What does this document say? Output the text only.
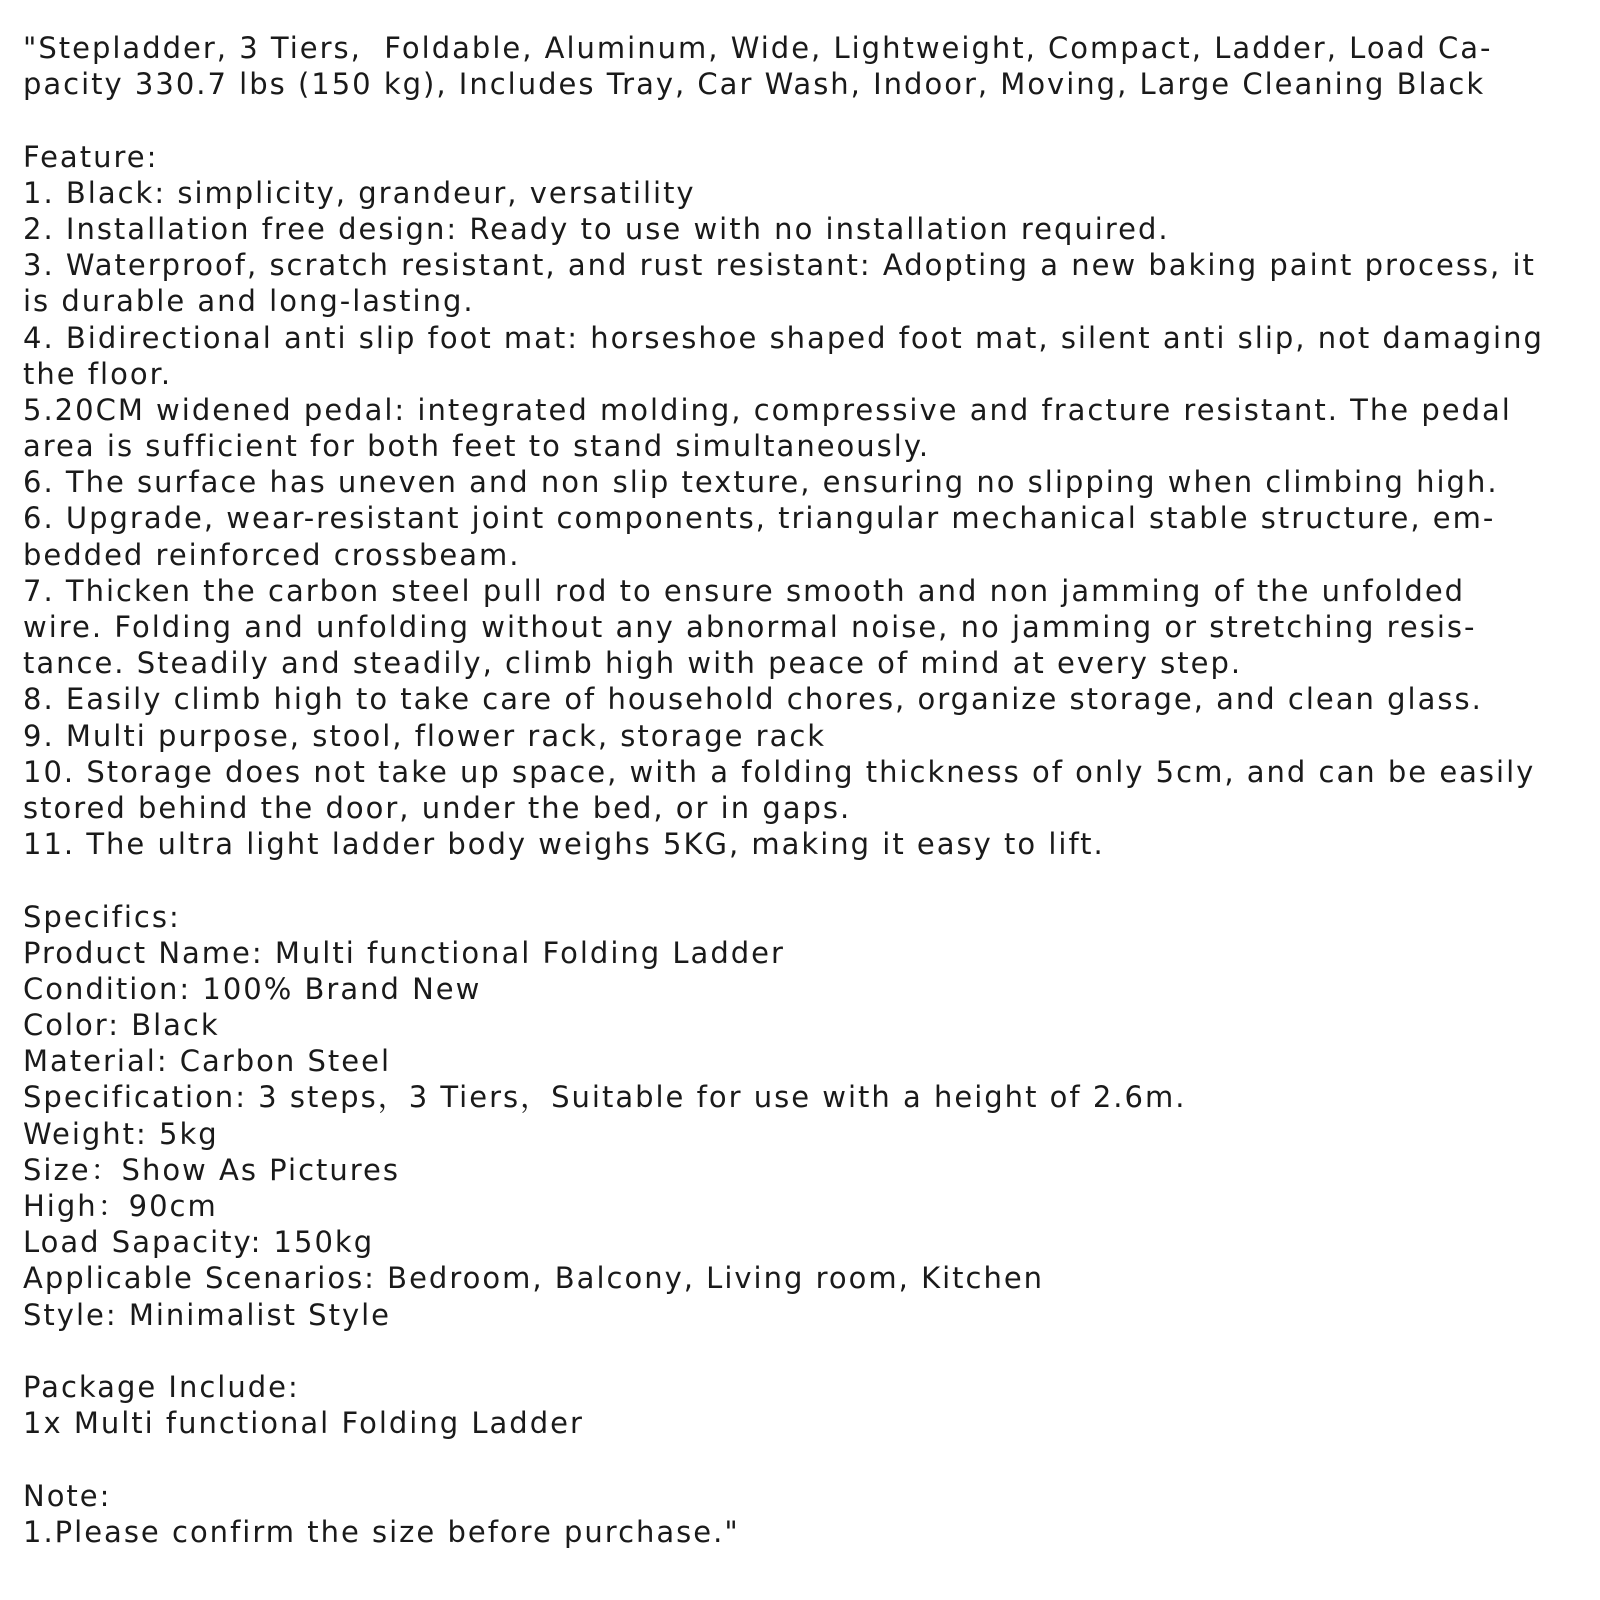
"Stepladder, 3 Tiers,  Foldable, Aluminum, Wide, Lightweight, Compact, Ladder, Load Ca-
pacity 330.7 lbs (150 kg), Includes Tray, Car Wash, Indoor, Moving, Large Cleaning Black
Feature:
1. Black: simplicity, grandeur, versatility
2. Installation free design: Ready to use with no installation required.
3. Waterproof, scratch resistant, and rust resistant: Adopting a new baking paint process, it
is durable and long-lasting.
4. Bidirectional anti slip foot mat: horseshoe shaped foot mat, silent anti slip, not damaging
the floor.
5.20CM widened pedal: integrated molding, compressive and fracture resistant. The pedal
area is sufficient for both feet to stand simultaneously.
6. The surface has uneven and non slip texture, ensuring no slipping when climbing high.
6. Upgrade, wear-resistant joint components, triangular mechanical stable structure, em-
bedded reinforced crossbeam.
7. Thicken the carbon steel pull rod to ensure smooth and non jamming of the unfolded
wire. Folding and unfolding without any abnormal noise, no jamming or stretching resis-
tance. Steadily and steadily, climb high with peace of mind at every step.
8. Easily climb high to take care of household chores, organize storage, and clean glass.
9. Multi purpose, stool, flower rack, storage rack
10. Storage does not take up space, with a folding thickness of only 5cm, and can be easily
stored behind the door, under the bed, or in gaps.
11. The ultra light ladder body weighs 5KG, making it easy to lift.
Specifics:
Product Name: Multi functional Folding Ladder
Condition: 100% Brand New
Color: Black
Material: Carbon Steel
Specification: 3 steps，3 Tiers，Suitable for use with a height of 2.6m.
Weight: 5kg
Size：Show As Pictures
High：90cm
Load Sapacity: 150kg
Applicable Scenarios: Bedroom, Balcony, Living room, Kitchen
Style: Minimalist Style
Package Include:
1x Multi functional Folding Ladder
Note:
1.Please confirm the size before purchase."
